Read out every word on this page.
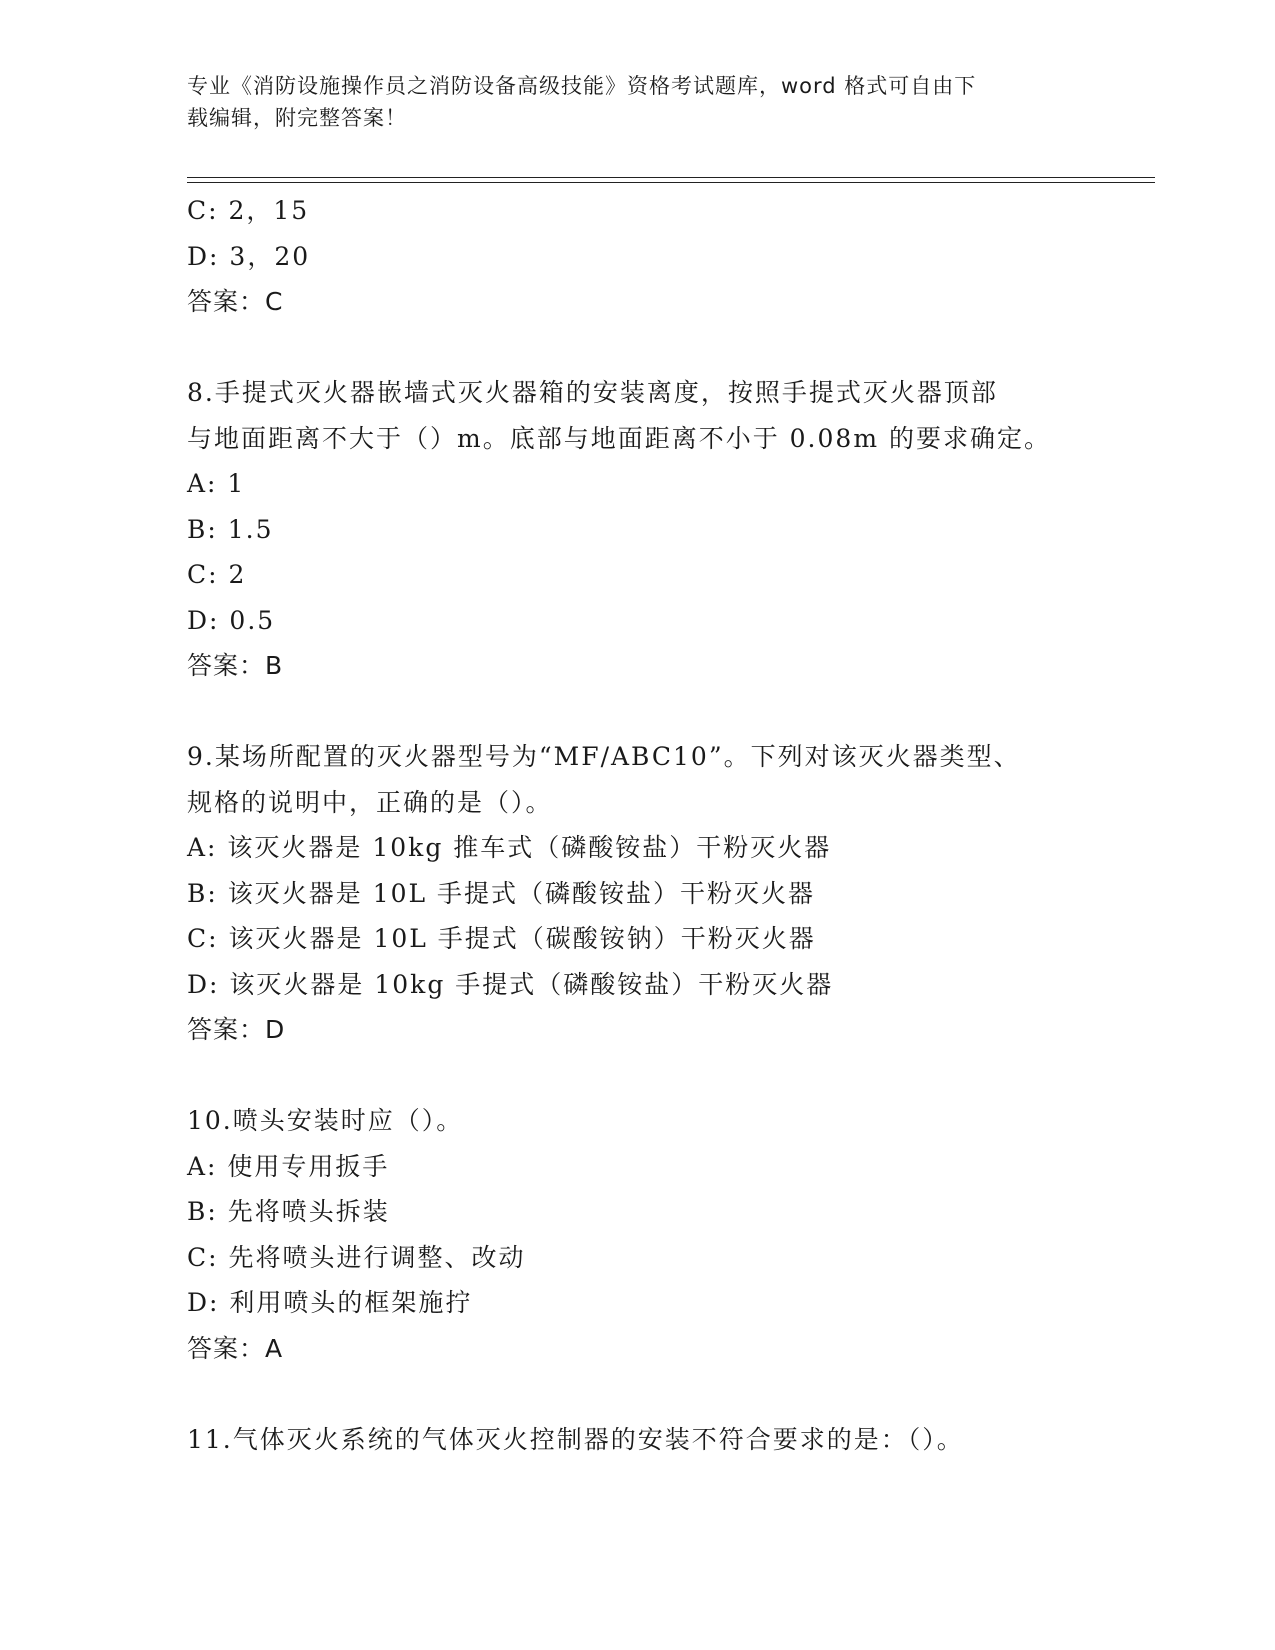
专业《消防设施操作员之消防设备高级技能》资格考试题库，word 格式可自由下
载编辑，附完整答案！
C: 2，15
D: 3，20
答案：C
8.手提式灭火器嵌墙式灭火器箱的安装离度，按照手提式灭火器顶部
与地面距离不大于（）m。底部与地面距离不小于 0.08m 的要求确定。
A: 1
B: 1.5
C: 2
D: 0.5
答案：B
9.某场所配置的灭火器型号为“MF/ABC10”。下列对该灭火器类型、
规格的说明中，正确的是（）。
A: 该灭火器是 10kg 推车式（磷酸铵盐）干粉灭火器
B: 该灭火器是 10L 手提式（磷酸铵盐）干粉灭火器
C: 该灭火器是 10L 手提式（碳酸铵钠）干粉灭火器
D: 该灭火器是 10kg 手提式（磷酸铵盐）干粉灭火器
答案：D
10.喷头安装时应（）。
A: 使用专用扳手
B: 先将喷头拆装
C: 先将喷头进行调整、改动
D: 利用喷头的框架施拧
答案：A
11.气体灭火系统的气体灭火控制器的安装不符合要求的是：（）。
